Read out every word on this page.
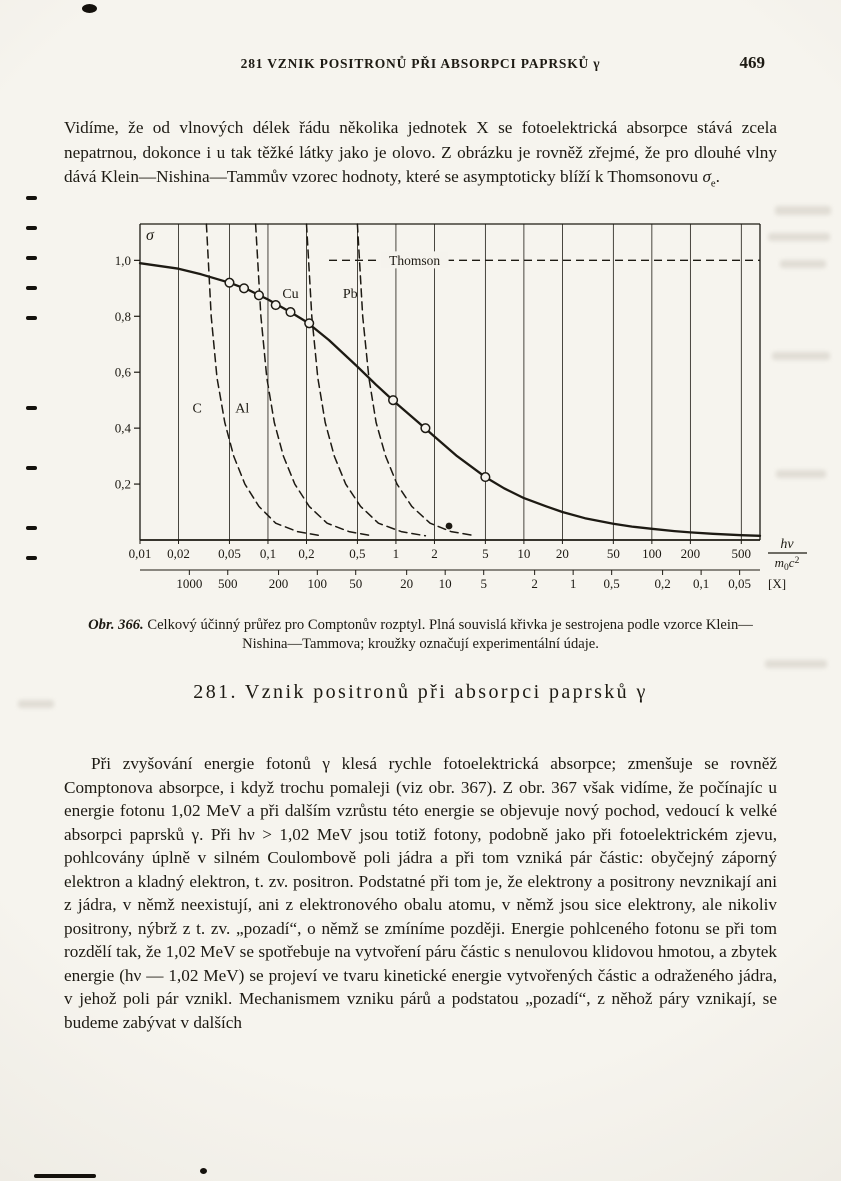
281 VZNIK POSITRONŮ PŘI ABSORPCI PAPRSKŮ γ	469

Vidíme, že od vlnových délek řádu několika jednotek X se fotoelektrická absorpce stává zcela nepatrnou, dokonce i u tak těžké látky jako je olovo. Z obrázku je rovněž zřejmé, že pro dlouhé vlny dává Klein—Nishina—Tammův vzorec hodnoty, které se asymptoticky blíží k Thomsonovu $\sigma_e$.

1,0
0,8
0,6
0,4
0,2
σ
0,01 0,02 0,05 0,1 0,2	0,5 1 2	5 10 20	50 100 200 500
Thomson
C Al
Cu	Pb
hν
$m_0c^2$
1000 500 200 100 50	20 10 5	2 1 0,5	0,2 0,1 0,05 [X]

Obr. 366. Celkový účinný průřez pro Comptonův rozptyl. Plná souvislá křivka je sestrojena podle vzorce Klein—Nishina—Tammova; kroužky označují experimentální údaje.

281. Vznik positronů při absorpci paprsků γ

Při zvyšování energie fotonů γ klesá rychle fotoelektrická absorpce; zmenšuje se rovněž Comptonova absorpce, i když trochu pomaleji (viz obr. 367). Z obr. 367 však vidíme, že počínajíc u energie fotonu 1,02 MeV a při dalším vzrůstu této energie se objevuje nový pochod, vedoucí k velké absorpci paprsků γ. Při hν > 1,02 MeV jsou totiž fotony, podobně jako při fotoelektrickém zjevu, pohlcovány úplně v silném Coulombově poli jádra a při tom vzniká pár částic: obyčejný záporný elektron a kladný elektron, t. zv. positron. Podstatné při tom je, že elektrony a positrony nevznikají ani z jádra, v němž neexistují, ani z elektronového obalu atomu, v němž jsou sice elektrony, ale nikoliv positrony, nýbrž z t. zv. „pozadí“, o němž se zmíníme později. Energie pohlceného fotonu se při tom rozdělí tak, že 1,02 MeV se spotřebuje na vytvoření páru částic s nenulovou klidovou hmotou, a zbytek energie (hν — 1,02 MeV) se projeví ve tvaru kinetické energie vytvořených částic a odraženého jádra, v jehož poli pár vznikl. Mechanismem vzniku párů a podstatou „pozadí“, z něhož páry vznikají, se budeme zabývat v dalších
